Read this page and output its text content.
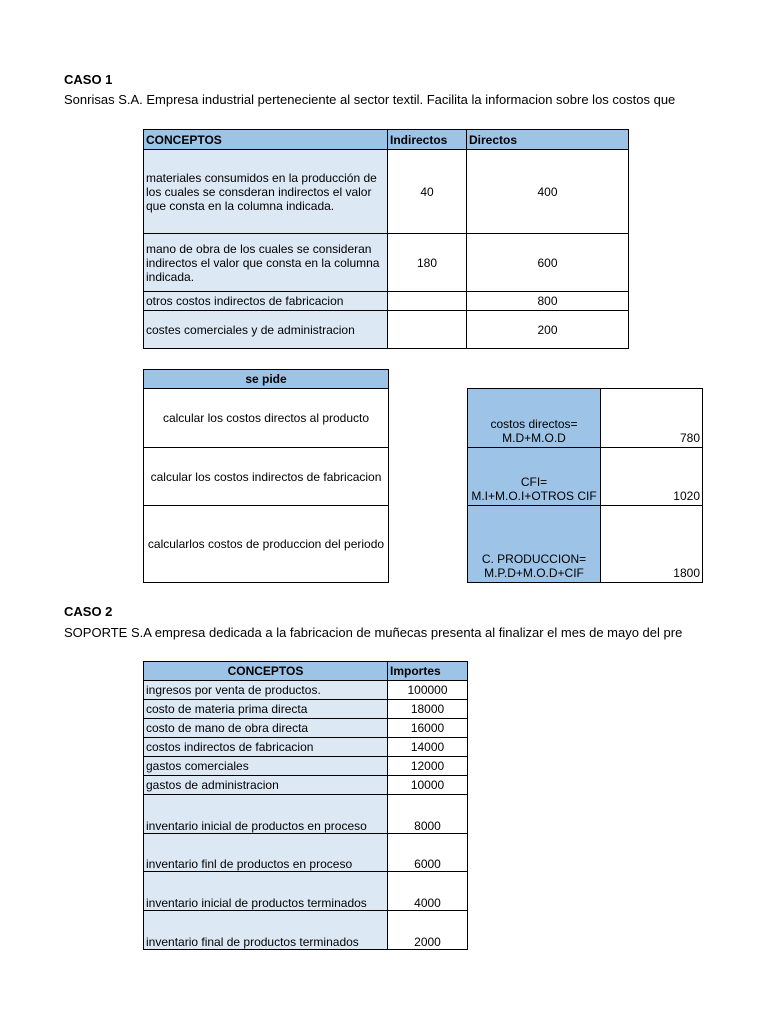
CASO 1
Sonrisas S.A. Empresa industrial perteneciente al sector textil. Facilita la informacion sobre los costos que
CONCEPTOS	Indirectos	Directos
materiales consumidos en la producción de los cuales se consderan indirectos el valor que consta en la columna indicada.	40	400
mano de obra de los cuales se consideran indirectos el valor que consta en la columna indicada.	180	600
otros costos indirectos de fabricacion		800
costes comerciales y de administracion		200
se pide
calcular los costos directos al producto
calcular los costos indirectos de fabricacion
calcularlos costos de produccion del periodo
costos directos= M.D+M.O.D	780
CFI= M.I+M.O.I+OTROS CIF	1020
C. PRODUCCION= M.P.D+M.O.D+CIF	1800
CASO 2
SOPORTE S.A empresa dedicada a la fabricacion de muñecas presenta al finalizar el mes de mayo del pre
CONCEPTOS	Importes
ingresos por venta de productos.	100000
costo de materia prima directa	18000
costo de mano de obra directa	16000
costos indirectos de fabricacion	14000
gastos comerciales	12000
gastos de administracion	10000
inventario inicial de productos en proceso	8000
inventario finl de productos en proceso	6000
inventario inicial de productos terminados	4000
inventario final de productos terminados	2000
